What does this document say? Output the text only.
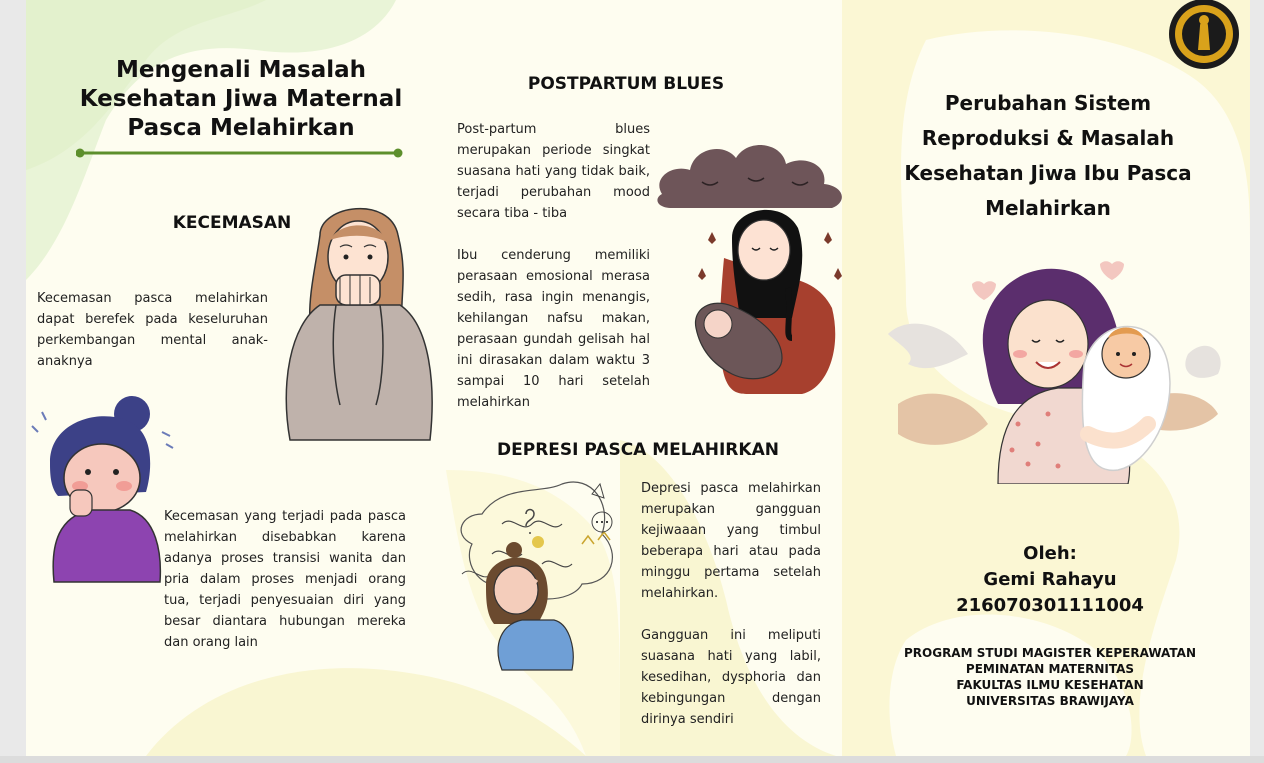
Mengenali Masalah Kesehatan Jiwa Maternal Pasca Melahirkan
KECEMASAN

Kecemasan pasca melahirkan dapat berefek pada keseluruhan perkembangan mental anak-anaknya

Kecemasan yang terjadi pada pasca melahirkan disebabkan karena adanya proses transisi wanita dan pria dalam proses menjadi orang tua, terjadi penyesuaian diri yang besar diantara hubungan mereka dan orang lain

POSTPARTUM BLUES

Post-partum blues merupakan periode singkat suasana hati yang tidak baik, terjadi perubahan mood secara tiba - tiba

Ibu cenderung memiliki perasaan emosional merasa sedih, rasa ingin menangis, kehilangan nafsu makan, perasaan gundah gelisah hal ini dirasakan dalam waktu 3 sampai 10 hari setelah melahirkan

DEPRESI PASCA MELAHIRKAN

Depresi pasca melahirkan merupakan gangguan kejiwaaan yang timbul beberapa hari atau pada minggu pertama setelah melahirkan.

Gangguan ini meliputi suasana hati yang labil, kesedihan, dysphoria dan kebingungan dengan dirinya sendiri

Perubahan Sistem Reproduksi & Masalah Kesehatan Jiwa Ibu Pasca Melahirkan
Oleh:
Gemi Rahayu
216070301111004
PROGRAM STUDI MAGISTER KEPERAWATAN
PEMINATAN MATERNITAS
FAKULTAS ILMU KESEHATAN
UNIVERSITAS BRAWIJAYA
